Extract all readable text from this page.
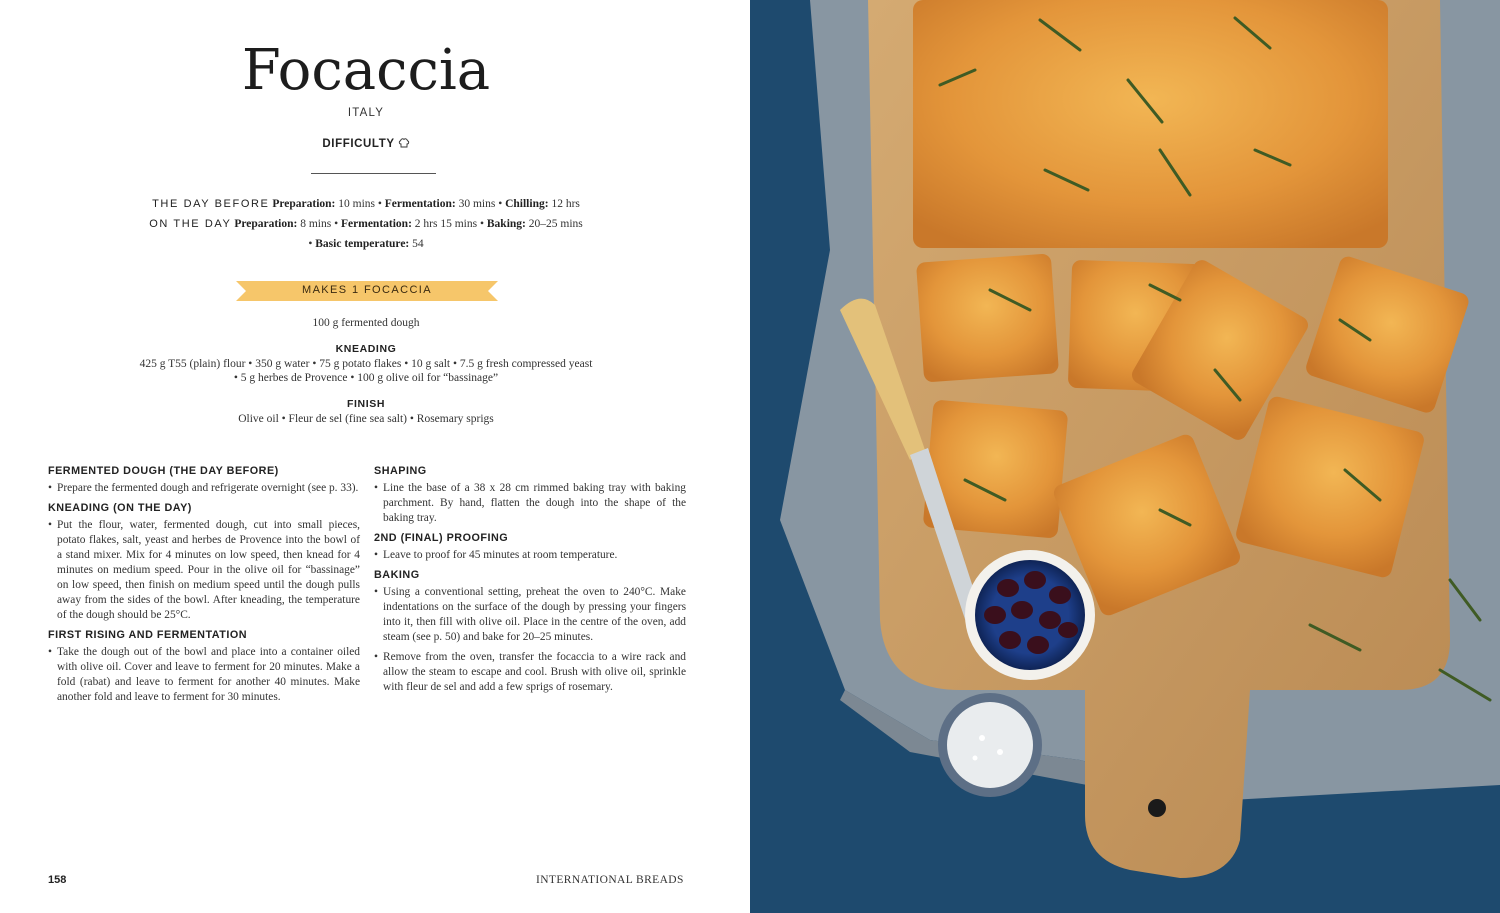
Focaccia
ITALY
DIFFICULTY
THE DAY BEFORE Preparation: 10 mins • Fermentation: 30 mins • Chilling: 12 hrs
ON THE DAY Preparation: 8 mins • Fermentation: 2 hrs 15 mins • Baking: 20–25 mins
• Basic temperature: 54
MAKES 1 FOCACCIA
100 g fermented dough
KNEADING
425 g T55 (plain) flour • 350 g water • 75 g potato flakes • 10 g salt • 7.5 g fresh compressed yeast
• 5 g herbes de Provence • 100 g olive oil for “bassinage”
FINISH
Olive oil • Fleur de sel (fine sea salt) • Rosemary sprigs
FERMENTED DOUGH (THE DAY BEFORE)
• Prepare the fermented dough and refrigerate overnight (see p. 33).
KNEADING (ON THE DAY)
• Put the flour, water, fermented dough, cut into small pieces, potato flakes, salt, yeast and herbes de Provence into the bowl of a stand mixer. Mix for 4 minutes on low speed, then knead for 4 minutes on medium speed. Pour in the olive oil for “bassinage” on low speed, then finish on medium speed until the dough pulls away from the sides of the bowl. After kneading, the temperature of the dough should be 25°C.
FIRST RISING AND FERMENTATION
• Take the dough out of the bowl and place into a container oiled with olive oil. Cover and leave to ferment for 20 minutes. Make a fold (rabat) and leave to ferment for another 40 minutes. Make another fold and leave to ferment for 30 minutes.
SHAPING
• Line the base of a 38 x 28 cm rimmed baking tray with baking parchment. By hand, flatten the dough into the shape of the baking tray.
2ND (FINAL) PROOFING
• Leave to proof for 45 minutes at room temperature.
BAKING
• Using a conventional setting, preheat the oven to 240°C. Make indentations on the surface of the dough by pressing your fingers into it, then fill with olive oil. Place in the centre of the oven, add steam (see p. 50) and bake for 20–25 minutes.
• Remove from the oven, transfer the focaccia to a wire rack and allow the steam to escape and cool. Brush with olive oil, sprinkle with fleur de sel and add a few sprigs of rosemary.
158	INTERNATIONAL BREADS
